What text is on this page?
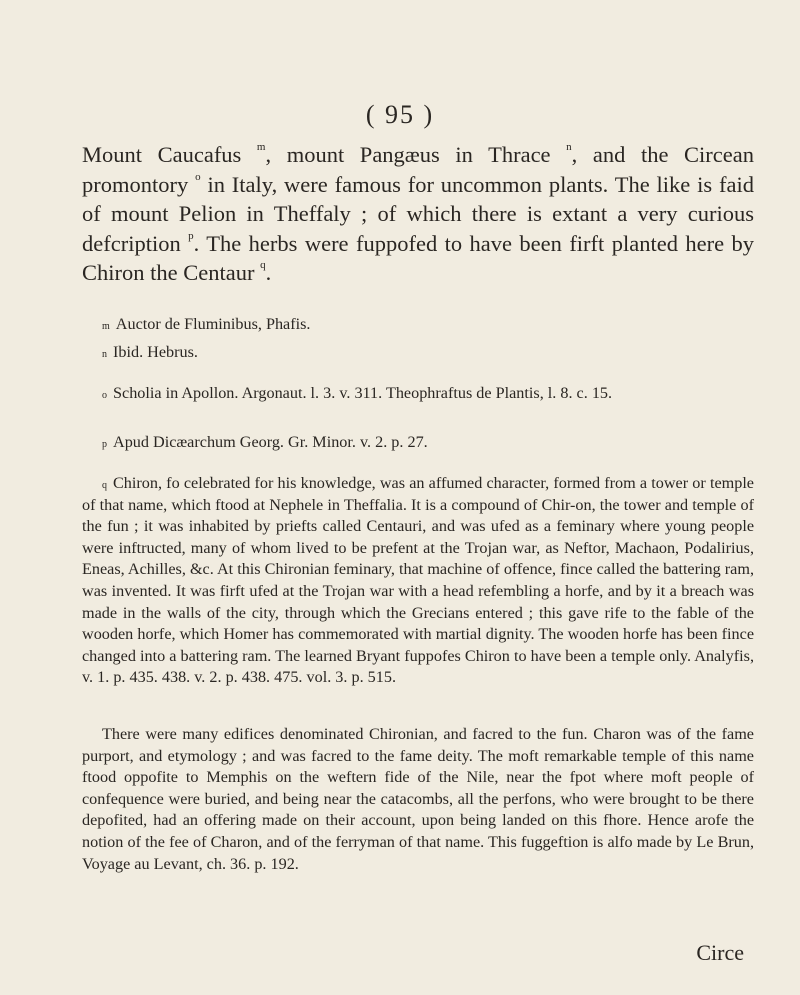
( 95 )

Mount Caucafus $^m$, mount Pangæus in Thrace $^n$, and the Circean promontory $^o$ in Italy, were famous for uncommon plants. The like is faid of mount Pelion in Theffaly ; of which there is extant a very curious defcription $^p$. The herbs were fuppofed to have been firft planted here by Chiron the Centaur $^q$.

$^m$ Auctor de Fluminibus, Phafis.

$^n$ Ibid. Hebrus.

$^o$ Scholia in Apollon. Argonaut. l. 3. v. 311. Theophraftus de Plantis, l. 8. c. 15.

$^p$ Apud Dicæarchum Georg. Gr. Minor. v. 2. p. 27.

$^q$ Chiron, fo celebrated for his knowledge, was an affumed character, formed from a tower or temple of that name, which ftood at Nephele in Theffalia. It is a compound of Chir-on, the tower and temple of the fun ; it was inhabited by priefts called Centauri, and was ufed as a feminary where young people were inftructed, many of whom lived to be prefent at the Trojan war, as Neftor, Machaon, Podalirius, Eneas, Achilles, &c. At this Chironian feminary, that machine of offence, fince called the battering ram, was invented. It was firft ufed at the Trojan war with a head refembling a horfe, and by it a breach was made in the walls of the city, through which the Grecians entered ; this gave rife to the fable of the wooden horfe, which Homer has commemorated with martial dignity. The wooden horfe has been fince changed into a battering ram. The learned Bryant fuppofes Chiron to have been a temple only. Analyfis, v. 1. p. 435. 438. v. 2. p. 438. 475. vol. 3. p. 515.

There were many edifices denominated Chironian, and facred to the fun. Charon was of the fame purport, and etymology ; and was facred to the fame deity. The moft remarkable temple of this name ftood oppofite to Memphis on the weftern fide of the Nile, near the fpot where moft people of confequence were buried, and being near the catacombs, all the perfons, who were brought to be there depofited, had an offering made on their account, upon being landed on this fhore. Hence arofe the notion of the fee of Charon, and of the ferryman of that name. This fuggeftion is alfo made by Le Brun, Voyage au Levant, ch. 36. p. 192.

Circe
